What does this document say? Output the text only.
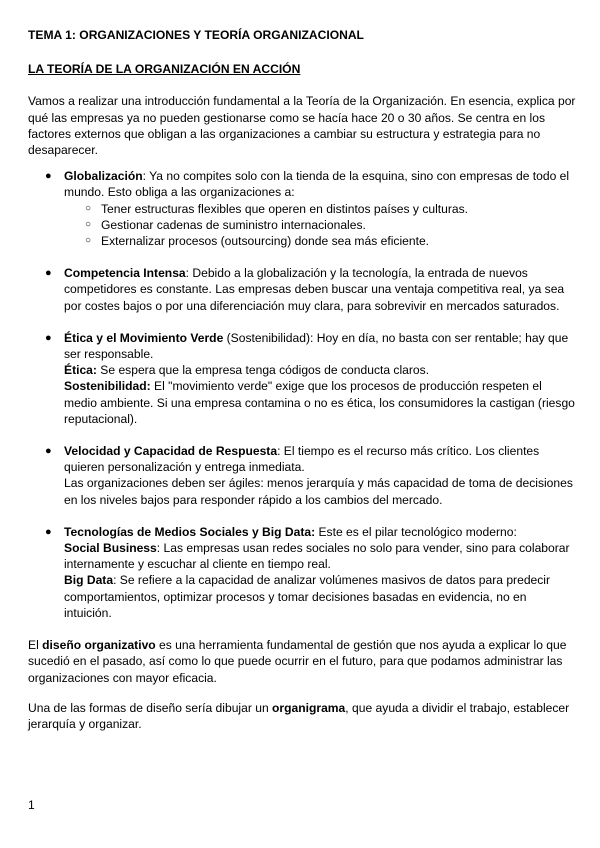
TEMA 1: ORGANIZACIONES Y TEORÍA ORGANIZACIONAL

LA TEORÍA DE LA ORGANIZACIÓN EN ACCIÓN

Vamos a realizar una introducción fundamental a la Teoría de la Organización. En esencia, explica por qué las empresas ya no pueden gestionarse como se hacía hace 20 o 30 años. Se centra en los factores externos que obligan a las organizaciones a cambiar su estructura y estrategia para no desaparecer.

● Globalización: Ya no compites solo con la tienda de la esquina, sino con empresas de todo el mundo. Esto obliga a las organizaciones a:
○ Tener estructuras flexibles que operen en distintos países y culturas.
○ Gestionar cadenas de suministro internacionales.
○ Externalizar procesos (outsourcing) donde sea más eficiente.
● Competencia Intensa: Debido a la globalización y la tecnología, la entrada de nuevos competidores es constante. Las empresas deben buscar una ventaja competitiva real, ya sea por costes bajos o por una diferenciación muy clara, para sobrevivir en mercados saturados.
● Ética y el Movimiento Verde (Sostenibilidad): Hoy en día, no basta con ser rentable; hay que ser responsable.
Ética: Se espera que la empresa tenga códigos de conducta claros.
Sostenibilidad: El "movimiento verde" exige que los procesos de producción respeten el medio ambiente. Si una empresa contamina o no es ética, los consumidores la castigan (riesgo reputacional).
● Velocidad y Capacidad de Respuesta: El tiempo es el recurso más crítico. Los clientes quieren personalización y entrega inmediata.
Las organizaciones deben ser ágiles: menos jerarquía y más capacidad de toma de decisiones en los niveles bajos para responder rápido a los cambios del mercado.
● Tecnologías de Medios Sociales y Big Data: Este es el pilar tecnológico moderno:
Social Business: Las empresas usan redes sociales no solo para vender, sino para colaborar internamente y escuchar al cliente en tiempo real.
Big Data: Se refiere a la capacidad de analizar volúmenes masivos de datos para predecir comportamientos, optimizar procesos y tomar decisiones basadas en evidencia, no en intuición.

El diseño organizativo es una herramienta fundamental de gestión que nos ayuda a explicar lo que sucedió en el pasado, así como lo que puede ocurrir en el futuro, para que podamos administrar las organizaciones con mayor eficacia.

Una de las formas de diseño sería dibujar un organigrama, que ayuda a dividir el trabajo, establecer jerarquía y organizar.

1
